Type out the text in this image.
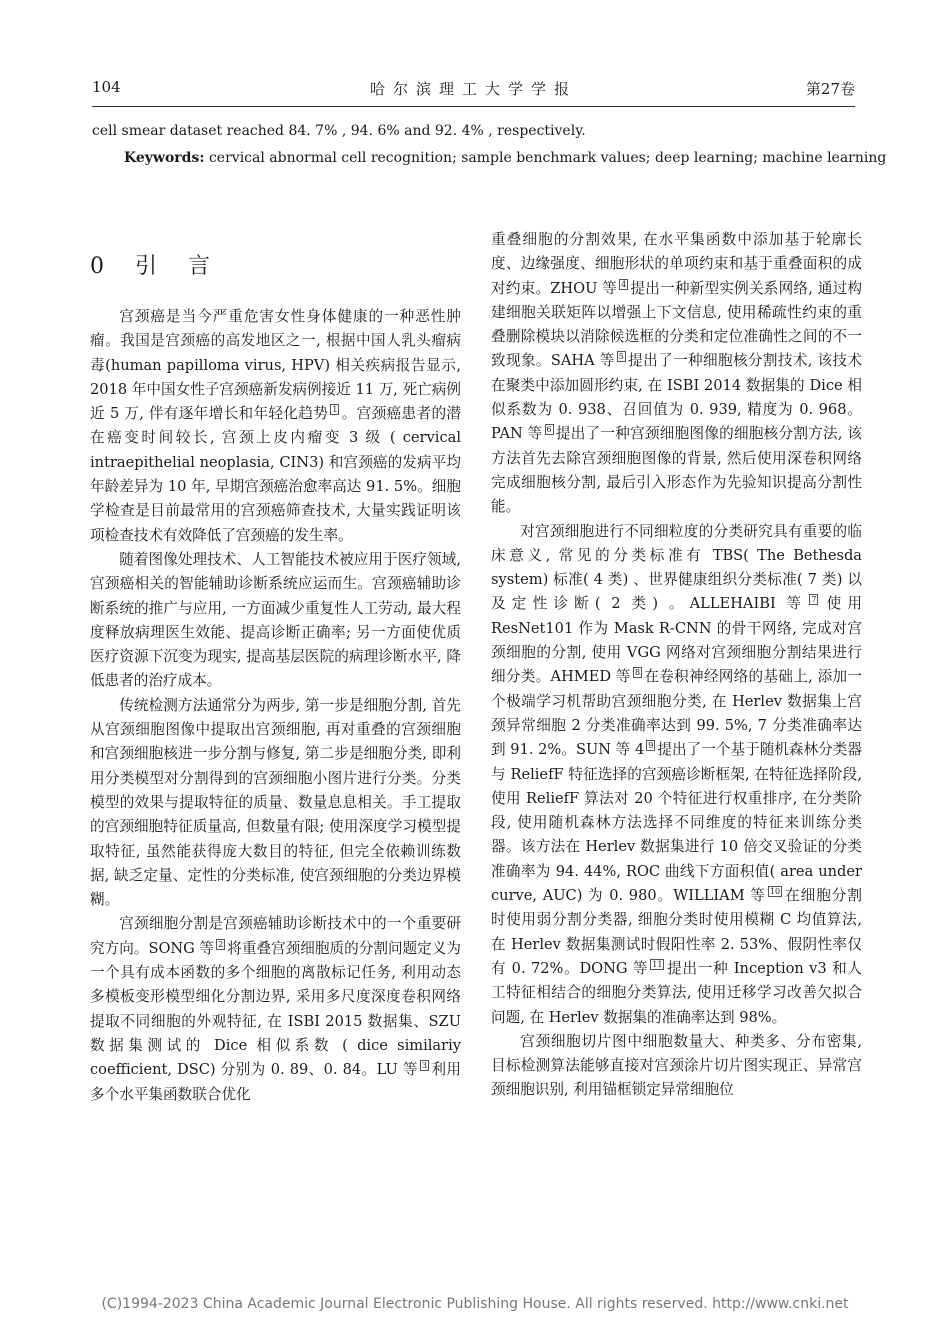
104	哈尔滨理工大学学报	第27卷
cell smear dataset reached 84. 7% , 94. 6% and 92. 4% , respectively.
Keywords: cervical abnormal cell recognition; sample benchmark values; deep learning; machine learning
0 引 言

宫颈癌是当今严重危害女性身体健康的一种恶性肿瘤。我国是宫颈癌的高发地区之一, 根据中国人乳头瘤病毒(human papilloma virus, HPV) 相关疾病报告显示, 2018 年中国女性子宫颈癌新发病例接近 11 万, 死亡病例近 5 万, 伴有逐年增长和年轻化趋势 $^1$ 。宫颈癌患者的潜在癌变时间较长, 宫颈上皮内瘤变 3 级 ( cervical intraepithelial neoplasia, CIN3) 和宫颈癌的发病平均年龄差异为 10 年, 早期宫颈癌治愈率高达 91. 5%。细胞学检查是目前最常用的宫颈癌筛查技术, 大量实践证明该项检查技术有效降低了宫颈癌的发生率。

随着图像处理技术、人工智能技术被应用于医疗领域, 宫颈癌相关的智能辅助诊断系统应运而生。宫颈癌辅助诊断系统的推广与应用, 一方面减少重复性人工劳动, 最大程度释放病理医生效能、提高诊断正确率; 另一方面使优质医疗资源下沉变为现实, 提高基层医院的病理诊断水平, 降低患者的治疗成本。

传统检测方法通常分为两步, 第一步是细胞分割, 首先从宫颈细胞图像中提取出宫颈细胞, 再对重叠的宫颈细胞和宫颈细胞核进一步分割与修复, 第二步是细胞分类, 即利用分类模型对分割得到的宫颈细胞小图片进行分类。分类模型的效果与提取特征的质量、数量息息相关。手工提取的宫颈细胞特征质量高, 但数量有限; 使用深度学习模型提取特征, 虽然能获得庞大数目的特征, 但完全依赖训练数据, 缺乏定量、定性的分类标准, 使宫颈细胞的分类边界模糊。

宫颈细胞分割是宫颈癌辅助诊断技术中的一个重要研究方向。SONG 等 $^2$ 将重叠宫颈细胞质的分割问题定义为一个具有成本函数的多个细胞的离散标记任务, 利用动态多模板变形模型细化分割边界, 采用多尺度深度卷积网络提取不同细胞的外观特征, 在 ISBI 2015 数据集、SZU 数据集测试的 Dice 相似系数 ( dice similariy coefficient, DSC) 分别为 0. 89、0. 84。LU 等 $^3$ 利用多个水平集函数联合优化

重叠细胞的分割效果, 在水平集函数中添加基于轮廓长度、边缘强度、细胞形状的单项约束和基于重叠面积的成对约束。ZHOU 等 $^4$ 提出一种新型实例关系网络, 通过构建细胞关联矩阵以增强上下文信息, 使用稀疏性约束的重叠删除模块以消除候选框的分类和定位准确性之间的不一致现象。SAHA 等 $^5$ 提出了一种细胞核分割技术, 该技术在聚类中添加圆形约束, 在 ISBI 2014 数据集的 Dice 相似系数为 0. 938、召回值为 0. 939, 精度为 0. 968。PAN 等 $^6$ 提出了一种宫颈细胞图像的细胞核分割方法, 该方法首先去除宫颈细胞图像的背景, 然后使用深卷积网络完成细胞核分割, 最后引入形态作为先验知识提高分割性能。

对宫颈细胞进行不同细粒度的分类研究具有重要的临床意义, 常见的分类标准有 TBS( The Bethesda system) 标准( 4 类) 、世界健康组织分类标准( 7 类) 以及定性诊断( 2 类) 。ALLEHAIBI 等 $^7$ 使用 ResNet101 作为 Mask R-CNN 的骨干网络, 完成对宫颈细胞的分割, 使用 VGG 网络对宫颈细胞分割结果进行细分类。AHMED 等 $^8$ 在卷积神经网络的基础上, 添加一个极端学习机帮助宫颈细胞分类, 在 Herlev 数据集上宫颈异常细胞 2 分类准确率达到 99. 5%, 7 分类准确率达到 91. 2%。SUN 等 4 $^9$ 提出了一个基于随机森林分类器与 ReliefF 特征选择的宫颈癌诊断框架, 在特征选择阶段, 使用 ReliefF 算法对 20 个特征进行权重排序, 在分类阶段, 使用随机森林方法选择不同维度的特征来训练分类器。该方法在 Herlev 数据集进行 10 倍交叉验证的分类准确率为 94. 44%, ROC 曲线下方面积值( area under curve, AUC) 为 0. 980。WILLIAM 等 $^{10}$ 在细胞分割时使用弱分割分类器, 细胞分类时使用模糊 C 均值算法, 在 Herlev 数据集测试时假阳性率 2. 53%、假阴性率仅有 0. 72%。DONG 等 $^{11}$ 提出一种 Inception v3 和人工特征相结合的细胞分类算法, 使用迁移学习改善欠拟合问题, 在 Herlev 数据集的准确率达到 98%。

宫颈细胞切片图中细胞数量大、种类多、分布密集, 目标检测算法能够直接对宫颈涂片切片图实现正、异常宫颈细胞识别, 利用锚框锁定异常细胞位

(C)1994-2023 China Academic Journal Electronic Publishing House. All rights reserved. http://www.cnki.net
